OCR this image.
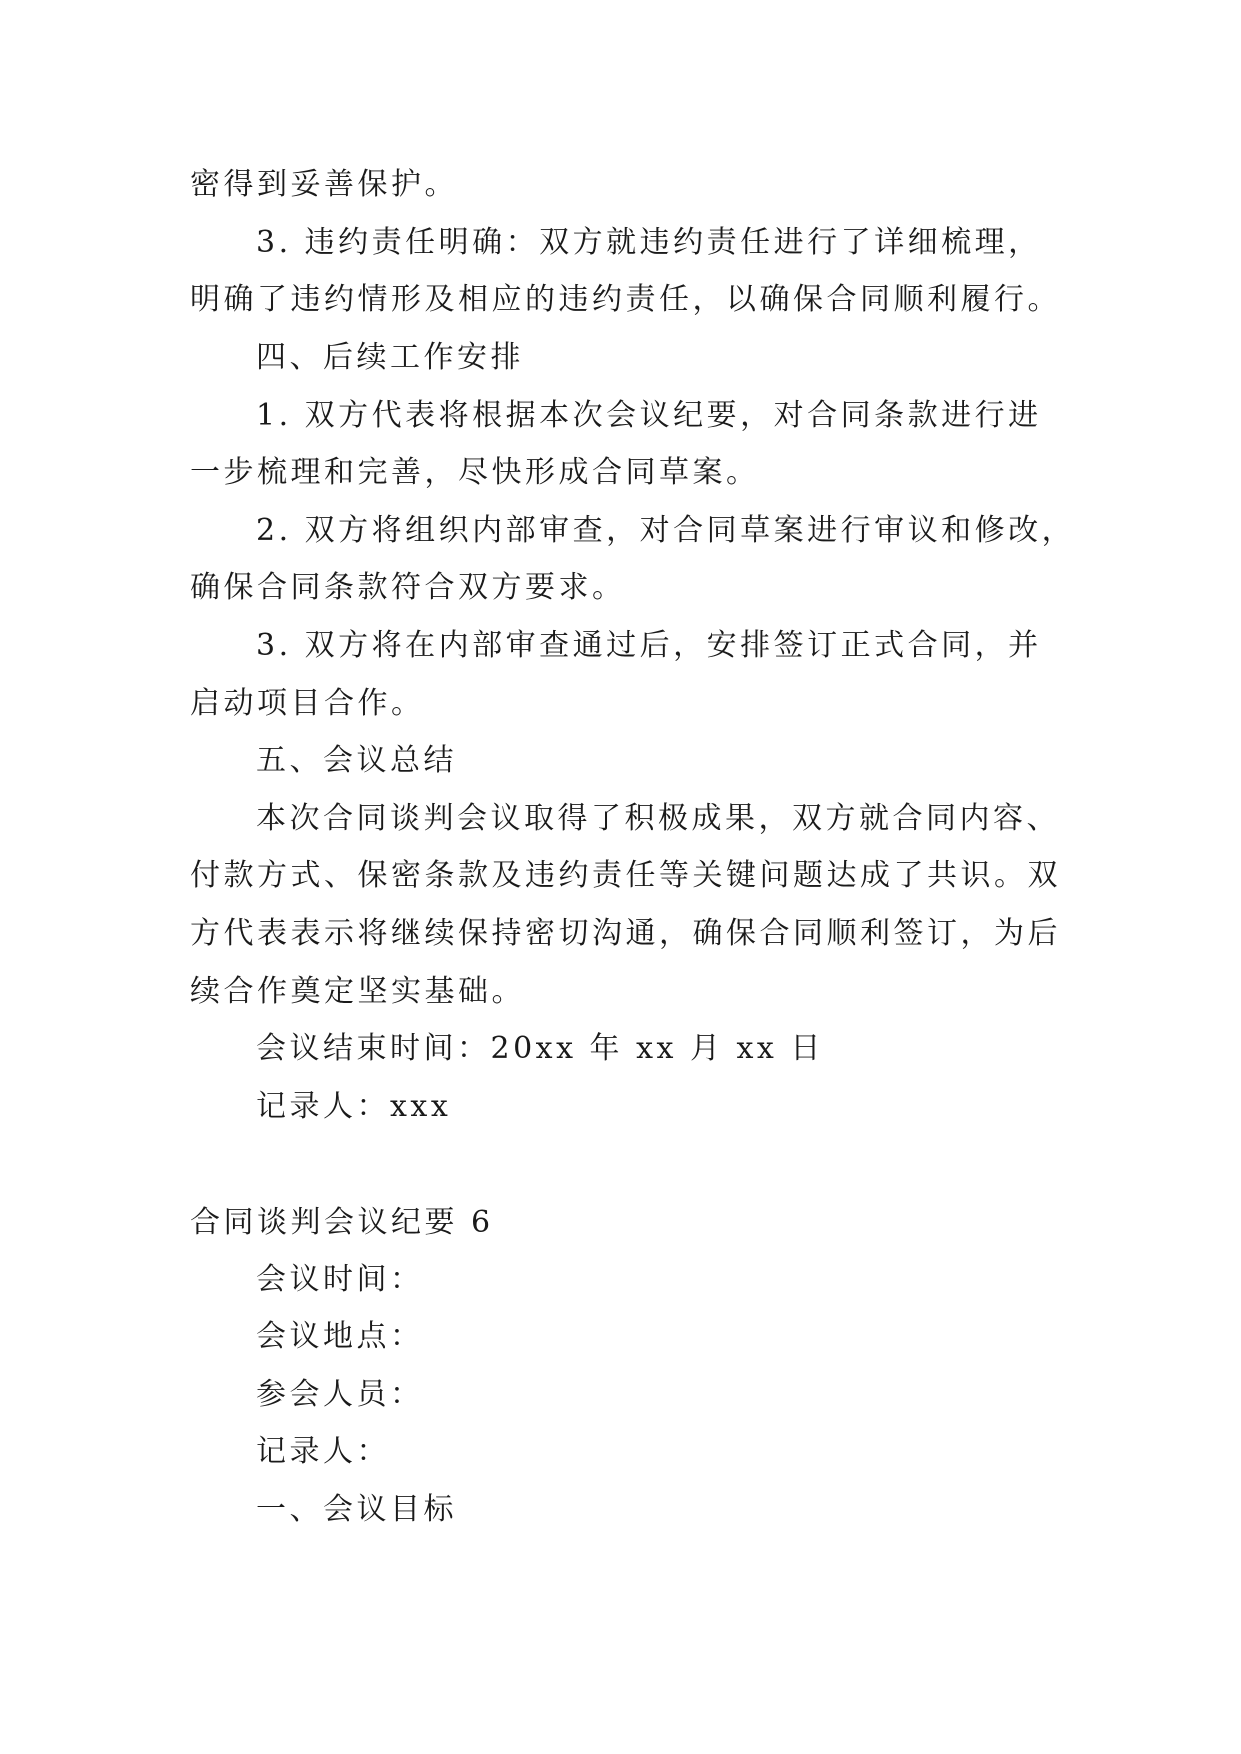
密得到妥善保护。
3. 违约责任明确：双方就违约责任进行了详细梳理，
明确了违约情形及相应的违约责任，以确保合同顺利履行。
四、后续工作安排
1. 双方代表将根据本次会议纪要，对合同条款进行进
一步梳理和完善，尽快形成合同草案。
2. 双方将组织内部审查，对合同草案进行审议和修改，
确保合同条款符合双方要求。
3. 双方将在内部审查通过后，安排签订正式合同，并
启动项目合作。
五、会议总结
本次合同谈判会议取得了积极成果，双方就合同内容、
付款方式、保密条款及违约责任等关键问题达成了共识。双
方代表表示将继续保持密切沟通，确保合同顺利签订，为后
续合作奠定坚实基础。
会议结束时间：20xx 年 xx 月 xx 日
记录人：xxx
合同谈判会议纪要 6
会议时间：
会议地点：
参会人员：
记录人：
一、会议目标
